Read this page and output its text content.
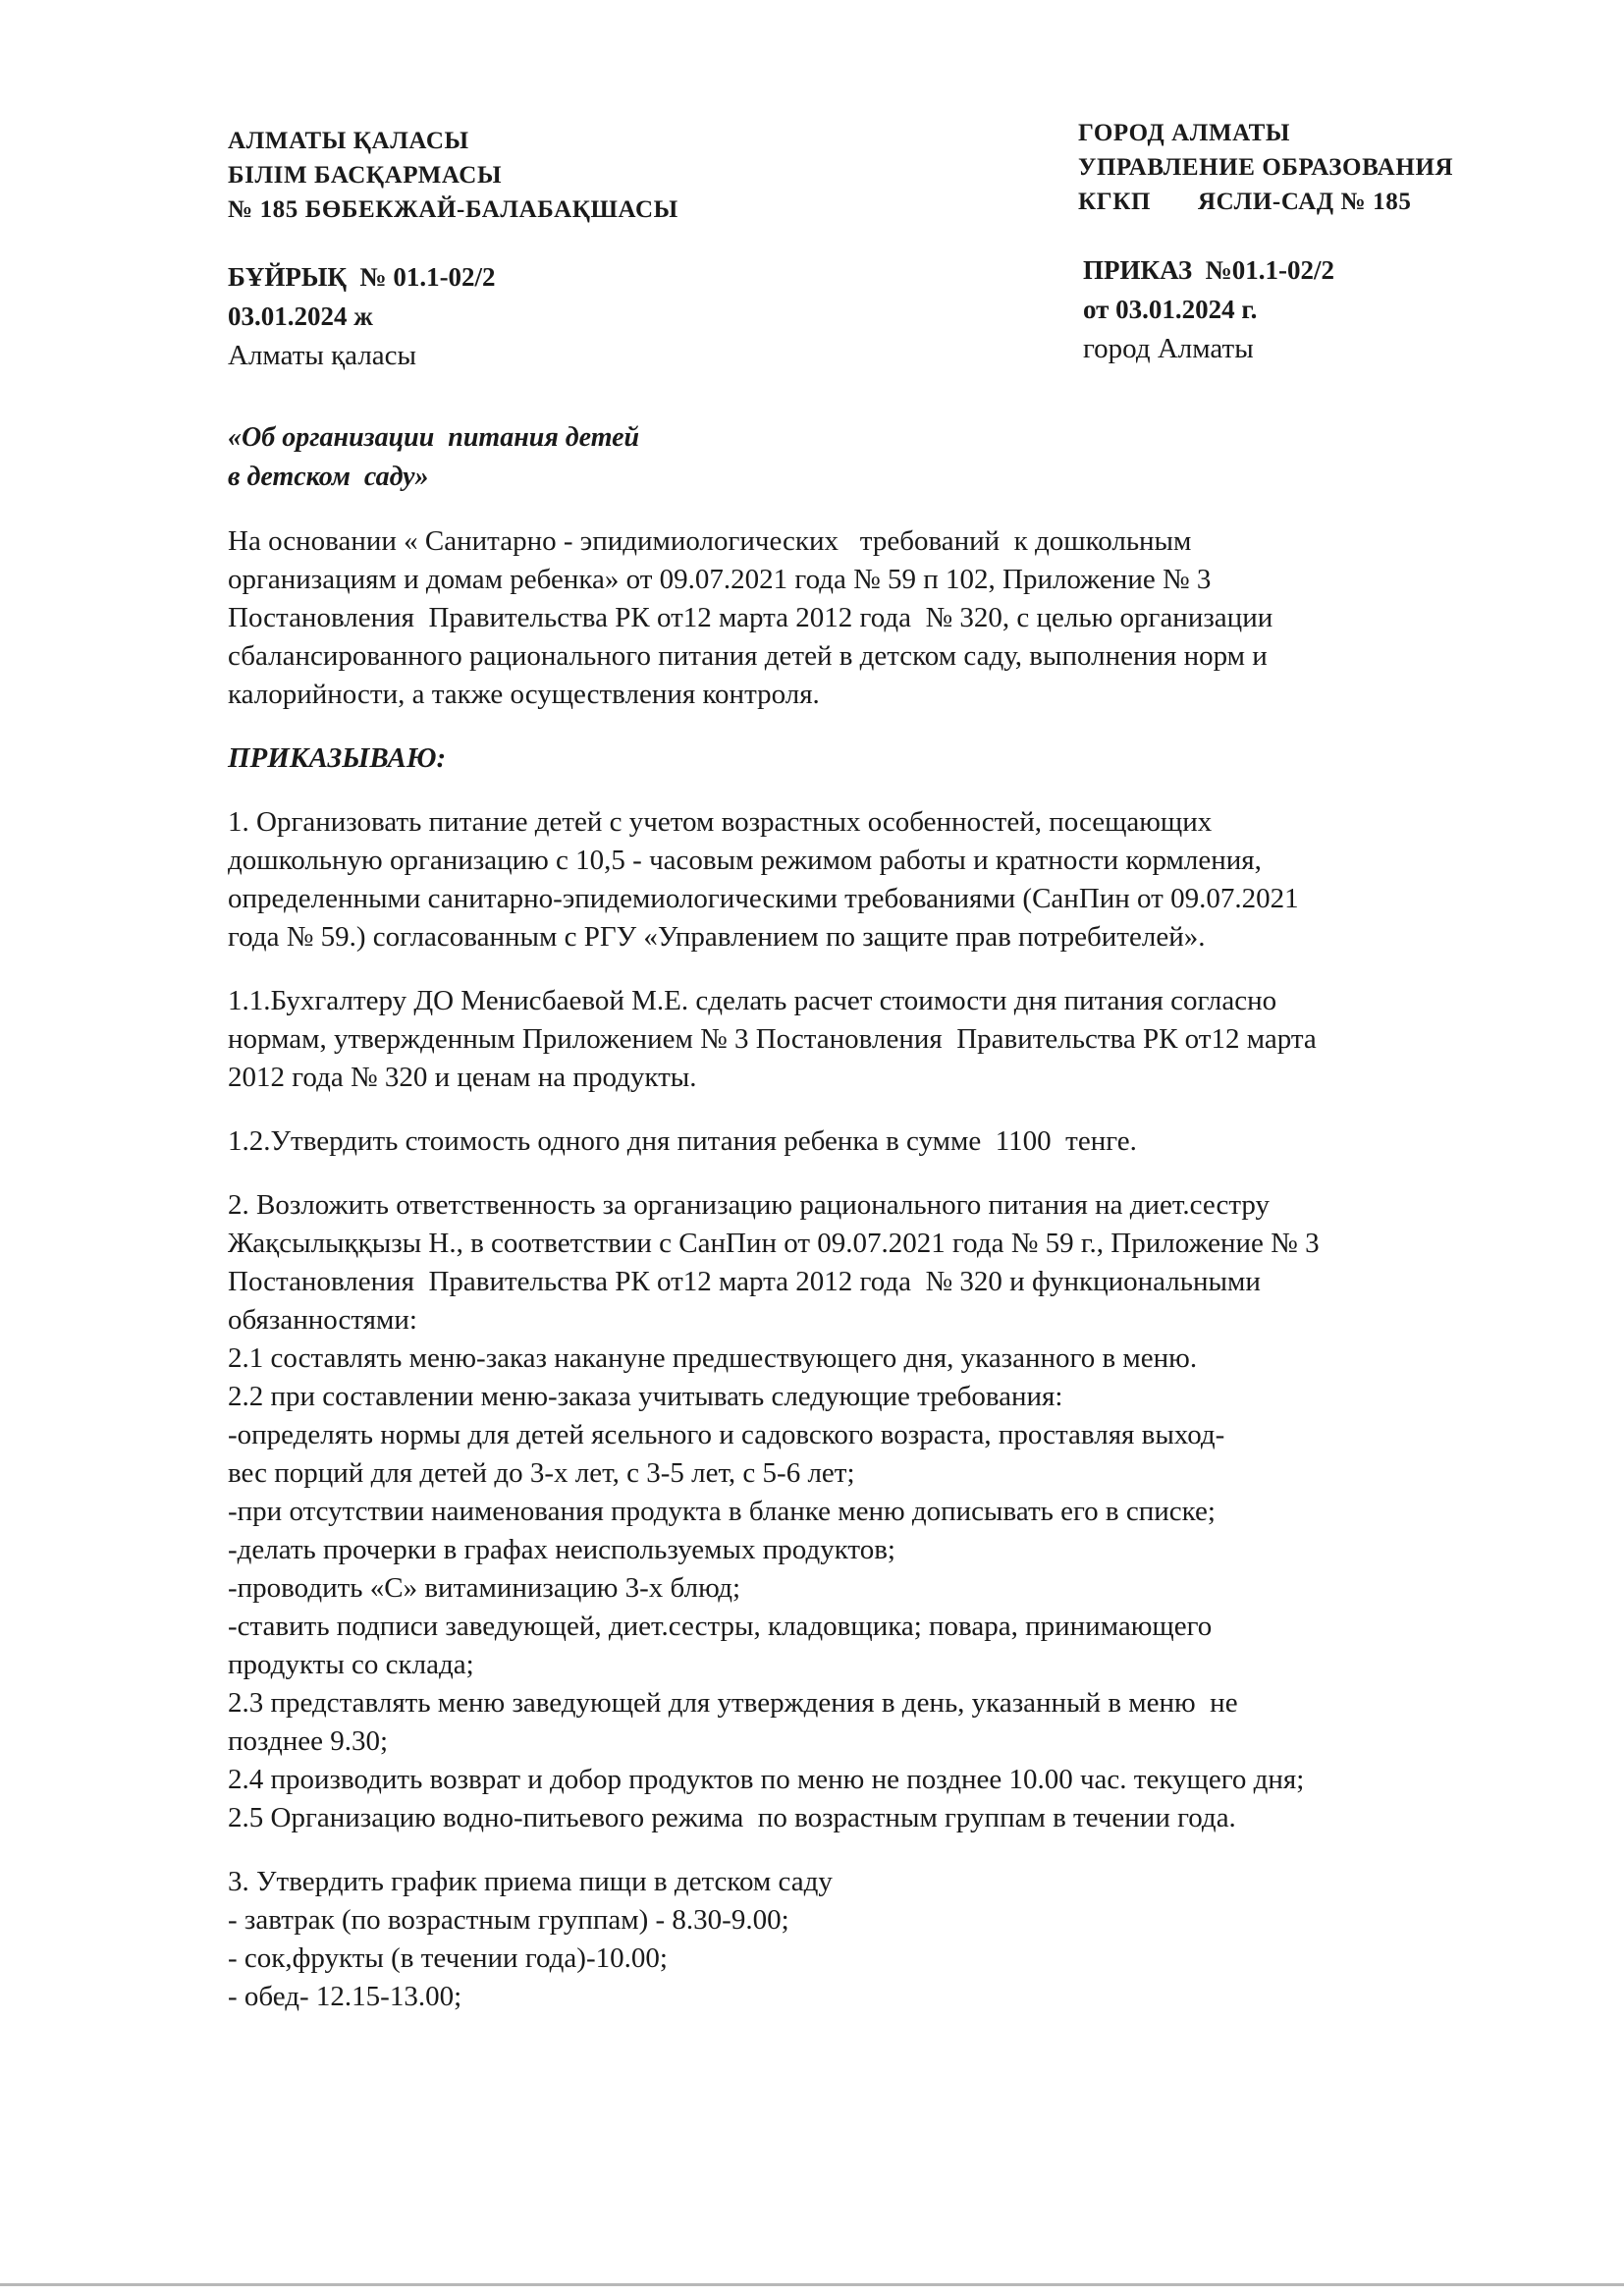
АЛМАТЫ ҚАЛАСЫ
БІЛІМ БАСҚАРМАСЫ
№ 185 БӨБЕКЖАЙ-БАЛАБАҚШАСЫ
ГОРОД АЛМАТЫ
УПРАВЛЕНИЕ ОБРАЗОВАНИЯ
КГКП       ЯСЛИ-САД № 185
БҰЙРЫҚ  № 01.1-02/2
03.01.2024 ж
Алматы қаласы
ПРИКАЗ  №01.1-02/2
от 03.01.2024 г.
город Алматы
«Об организации  питания детей
в детском  саду»
На основании « Санитарно - эпидимиологических   требований  к дошкольным
организациям и домам ребенка» от 09.07.2021 года № 59 п 102, Приложение № 3
Постановления  Правительства РК от12 марта 2012 года  № 320, с целью организации
сбалансированного рационального питания детей в детском саду, выполнения норм и
калорийности, а также осуществления контроля.
ПРИКАЗЫВАЮ:
1. Организовать питание детей с учетом возрастных особенностей, посещающих
дошкольную организацию с 10,5 - часовым режимом работы и кратности кормления,
определенными санитарно-эпидемиологическими требованиями (СанПин от 09.07.2021
года № 59.) согласованным с РГУ «Управлением по защите прав потребителей».
1.1.Бухгалтеру ДО Менисбаевой М.Е. сделать расчет стоимости дня питания согласно
нормам, утвержденным Приложением № 3 Постановления  Правительства РК от12 марта
2012 года № 320 и ценам на продукты.
1.2.Утвердить стоимость одного дня питания ребенка в сумме  1100  тенге.
2. Возложить ответственность за организацию рационального питания на диет.сестру
Жақсылыққызы Н., в соответствии с СанПин от 09.07.2021 года № 59 г., Приложение № 3
Постановления  Правительства РК от12 марта 2012 года  № 320 и функциональными
обязанностями:
2.1 составлять меню-заказ накануне предшествующего дня, указанного в меню.
2.2 при составлении меню-заказа учитывать следующие требования:
-определять нормы для детей ясельного и садовского возраста, проставляя выход-
вес порций для детей до 3-х лет, с 3-5 лет, с 5-6 лет;
-при отсутствии наименования продукта в бланке меню дописывать его в списке;
-делать прочерки в графах неиспользуемых продуктов;
-проводить «С» витаминизацию 3-х блюд;
-ставить подписи заведующей, диет.сестры, кладовщика; повара, принимающего
продукты со склада;
2.3 представлять меню заведующей для утверждения в день, указанный в меню  не
позднее 9.30;
2.4 производить возврат и добор продуктов по меню не позднее 10.00 час. текущего дня;
2.5 Организацию водно-питьевого режима  по возрастным группам в течении года.
3. Утвердить график приема пищи в детском саду
- завтрак (по возрастным группам) - 8.30-9.00;
- сок,фрукты (в течении года)-10.00;
- обед- 12.15-13.00;
